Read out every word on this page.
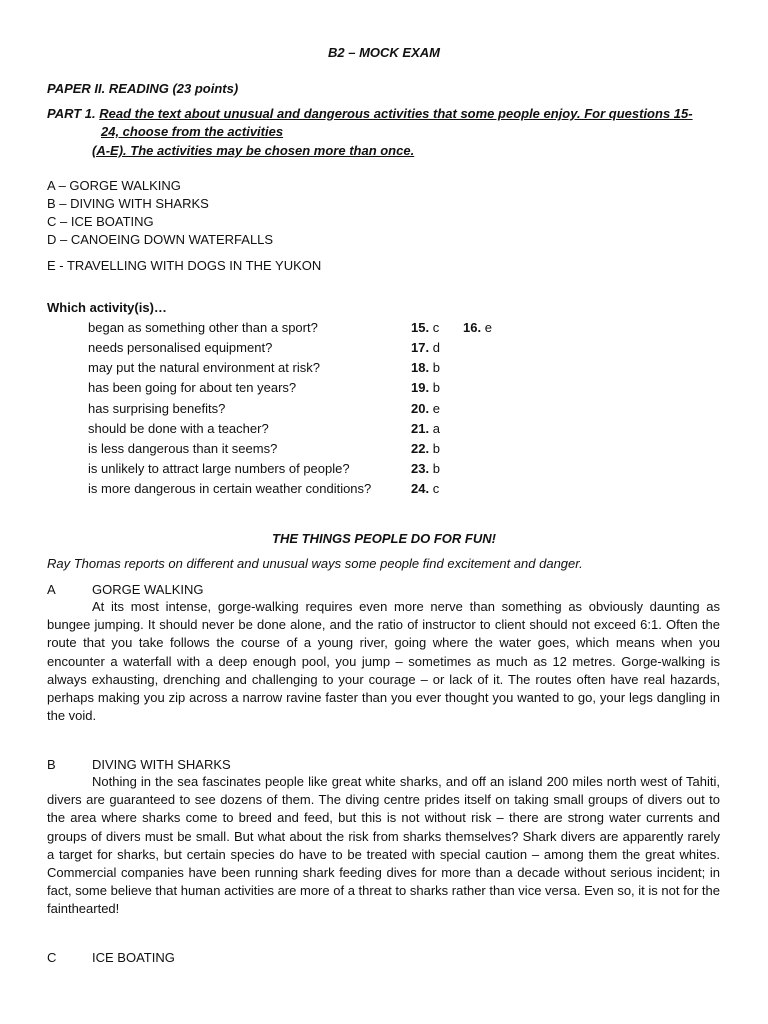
B2 – MOCK EXAM
PAPER II. READING (23 points)
PART 1. Read the text about unusual and dangerous activities that some people enjoy. For questions 15-
24, choose from the activities
(A-E). The activities may be chosen more than once.
A – GORGE WALKING
B – DIVING WITH SHARKS
C – ICE BOATING
D – CANOEING DOWN WATERFALLS
E - TRAVELLING WITH DOGS IN THE YUKON
Which activity(is)…
began as something other than a sport?	15. c 16. e
needs personalised equipment?	17. d
may put the natural environment at risk?	18. b
has been going for about ten years?	19. b
has surprising benefits?	20. e
should be done with a teacher?	21. a
is less dangerous than it seems?	22. b
is unlikely to attract large numbers of people?	23. b
is more dangerous in certain weather conditions?	24. c
THE THINGS PEOPLE DO FOR FUN!
Ray Thomas reports on different and unusual ways some people find excitement and danger.
A	GORGE WALKING
At its most intense, gorge-walking requires even more nerve than something as obviously daunting as bungee jumping. It should never be done alone, and the ratio of instructor to client should not exceed 6:1. Often the route that you take follows the course of a young river, going where the water goes, which means when you encounter a waterfall with a deep enough pool, you jump – sometimes as much as 12 metres. Gorge-walking is always exhausting, drenching and challenging to your courage – or lack of it. The routes often have real hazards, perhaps making you zip across a narrow ravine faster than you ever thought you wanted to go, your legs dangling in the void.
B	DIVING WITH SHARKS
Nothing in the sea fascinates people like great white sharks, and off an island 200 miles north west of Tahiti, divers are guaranteed to see dozens of them. The diving centre prides itself on taking small groups of divers out to the area where sharks come to breed and feed, but this is not without risk – there are strong water currents and groups of divers must be small. But what about the risk from sharks themselves? Shark divers are apparently rarely a target for sharks, but certain species do have to be treated with special caution – among them the great whites. Commercial companies have been running shark feeding dives for more than a decade without serious incident; in fact, some believe that human activities are more of a threat to sharks rather than vice versa. Even so, it is not for the fainthearted!
C	ICE BOATING
